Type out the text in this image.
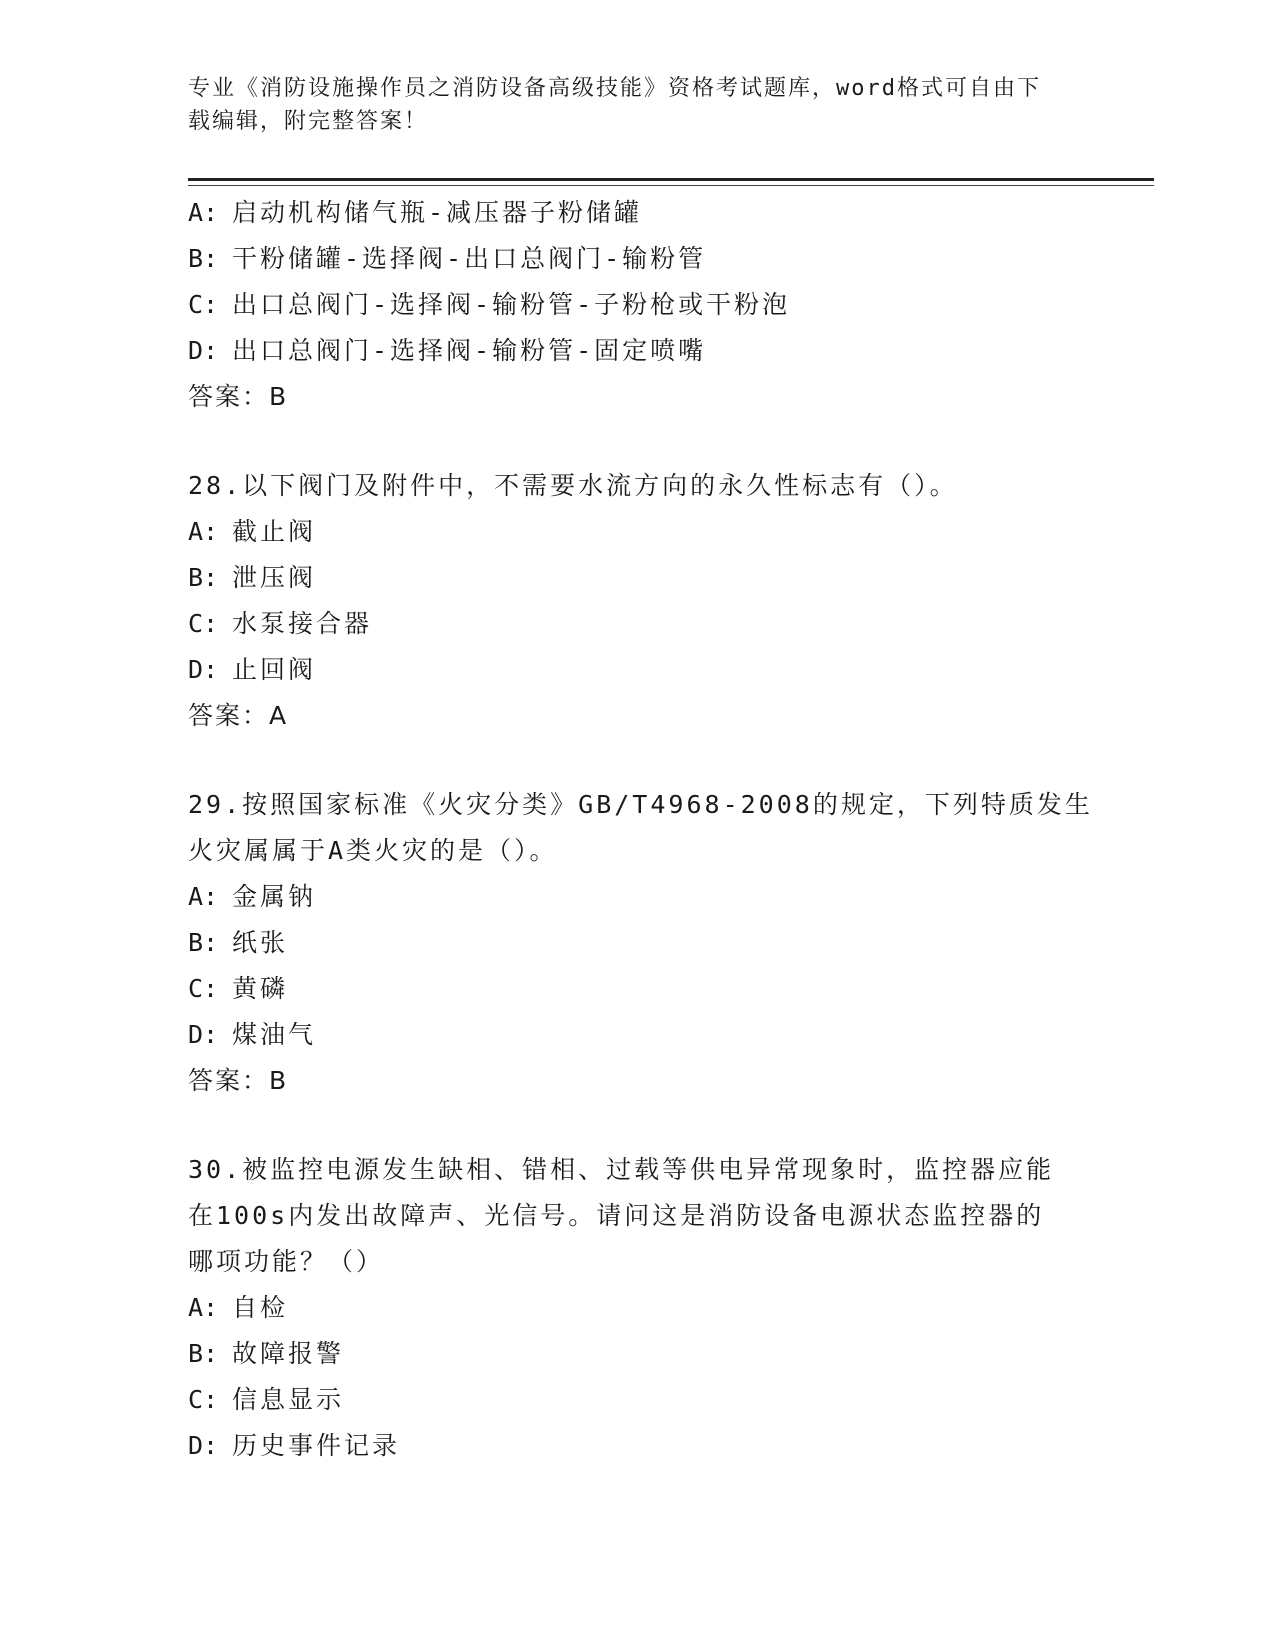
专业《消防设施操作员之消防设备高级技能》资格考试题库，word格式可自由下
载编辑，附完整答案！
A: 启动机构储气瓶-减压器子粉储罐
B: 干粉储罐-选择阀-出口总阀门-输粉管
C: 出口总阀门-选择阀-输粉管-子粉枪或干粉泡
D: 出口总阀门-选择阀-输粉管-固定喷嘴
答案：B
28.以下阀门及附件中，不需要水流方向的永久性标志有（）。
A: 截止阀
B: 泄压阀
C: 水泵接合器
D: 止回阀
答案：A
29.按照国家标准《火灾分类》GB/T4968-2008的规定，下列特质发生
火灾属属于A类火灾的是（）。
A: 金属钠
B: 纸张
C: 黄磷
D: 煤油气
答案：B
30.被监控电源发生缺相、错相、过载等供电异常现象时，监控器应能
在100s内发出故障声、光信号。请问这是消防设备电源状态监控器的
哪项功能？（）
A: 自检
B: 故障报警
C: 信息显示
D: 历史事件记录
